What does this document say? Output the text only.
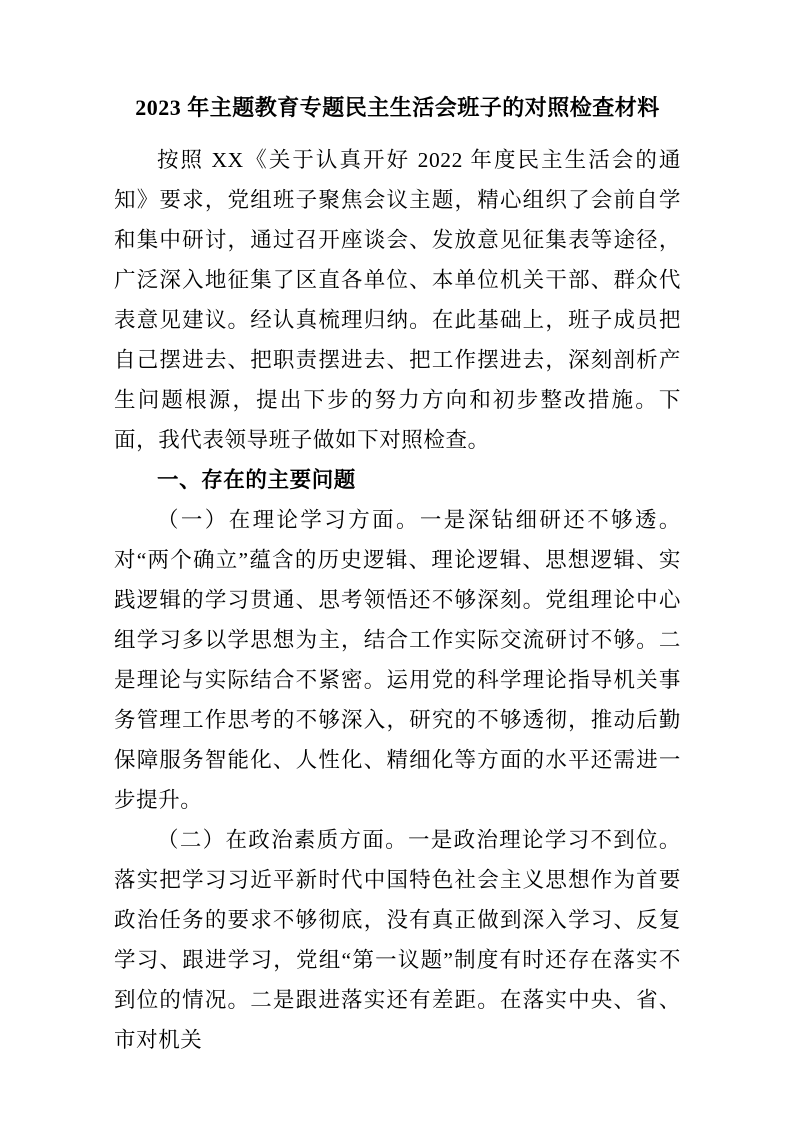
2023 年主题教育专题民主生活会班子的对照检查材料

按照 XX《关于认真开好 2022 年度民主生活会的通知》要求，党组班子聚焦会议主题，精心组织了会前自学和集中研讨，通过召开座谈会、发放意见征集表等途径，广泛深入地征集了区直各单位、本单位机关干部、群众代表意见建议。经认真梳理归纳。在此基础上，班子成员把自己摆进去、把职责摆进去、把工作摆进去，深刻剖析产生问题根源，提出下步的努力方向和初步整改措施。下面，我代表领导班子做如下对照检查。

一、存在的主要问题

（一）在理论学习方面。一是深钻细研还不够透。对“两个确立”蕴含的历史逻辑、理论逻辑、思想逻辑、实践逻辑的学习贯通、思考领悟还不够深刻。党组理论中心组学习多以学思想为主，结合工作实际交流研讨不够。二是理论与实际结合不紧密。运用党的科学理论指导机关事务管理工作思考的不够深入，研究的不够透彻，推动后勤保障服务智能化、人性化、精细化等方面的水平还需进一步提升。

（二）在政治素质方面。一是政治理论学习不到位。落实把学习习近平新时代中国特色社会主义思想作为首要政治任务的要求不够彻底，没有真正做到深入学习、反复学习、跟进学习，党组“第一议题”制度有时还存在落实不到位的情况。二是跟进落实还有差距。在落实中央、省、市对机关
